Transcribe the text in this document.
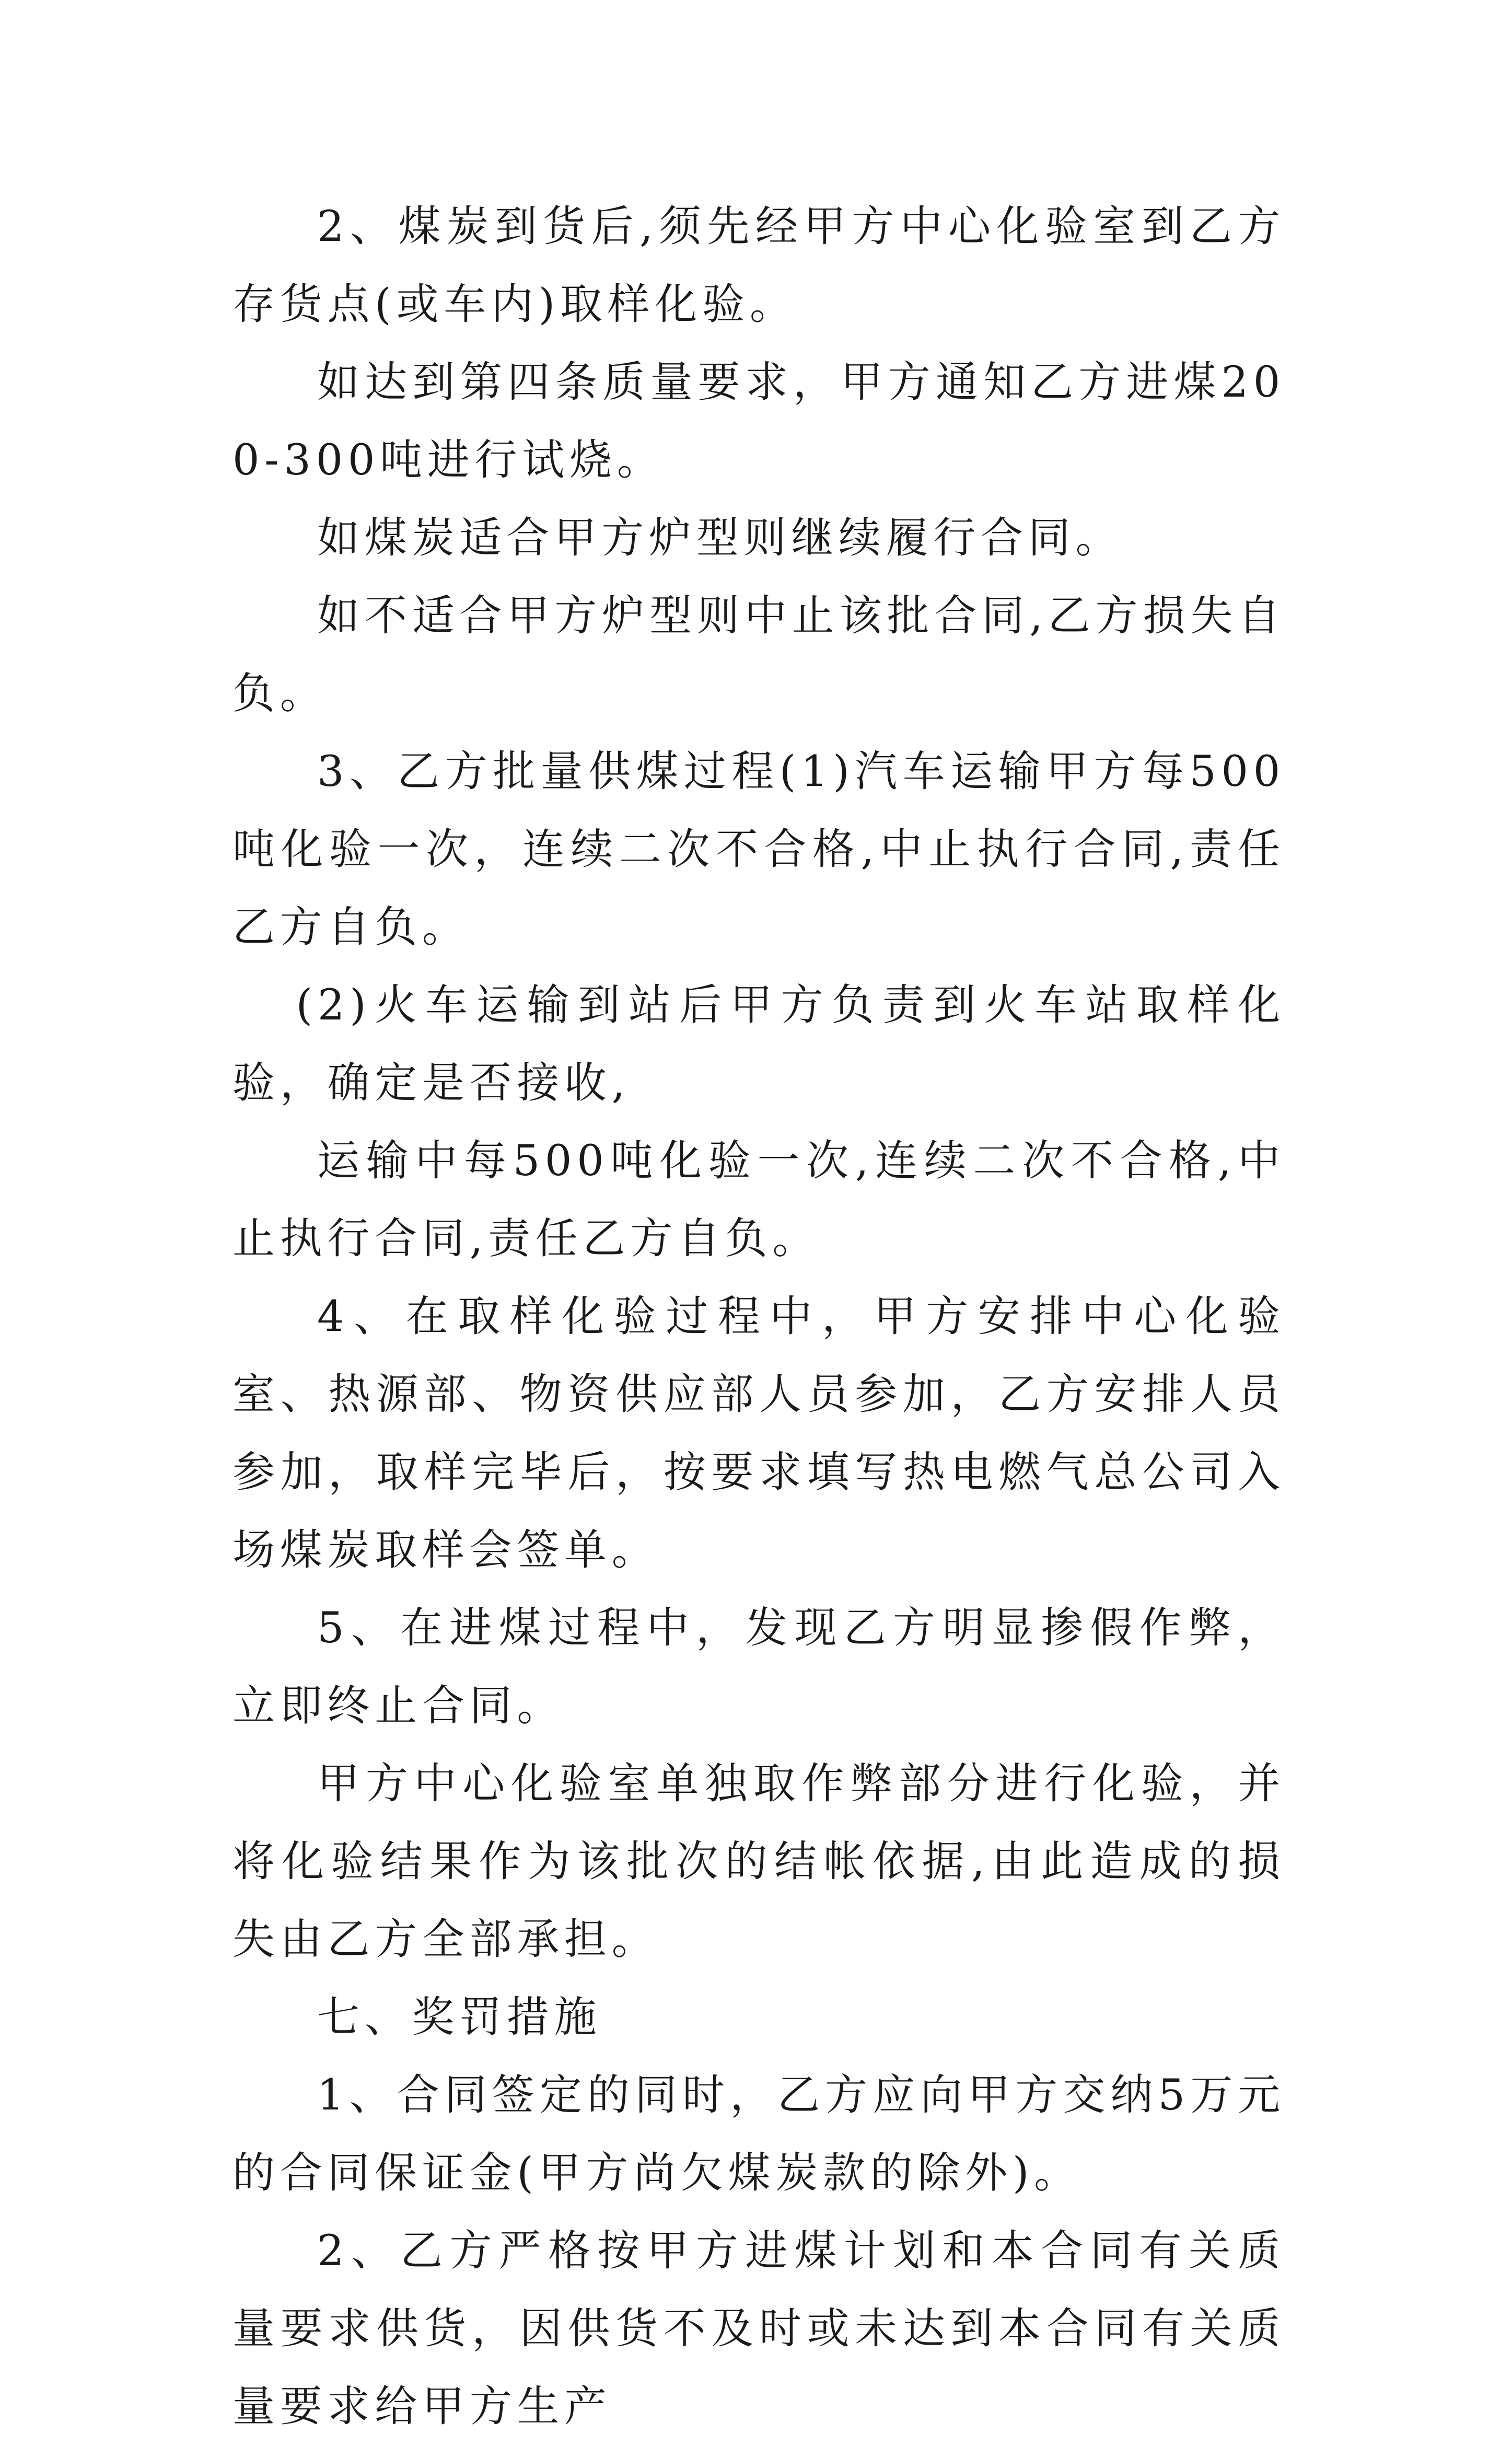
2、煤炭到货后,须先经甲方中心化验室到乙方存货点(或车内)取样化验。

如达到第四条质量要求，甲方通知乙方进煤200-300吨进行试烧。

如煤炭适合甲方炉型则继续履行合同。

如不适合甲方炉型则中止该批合同,乙方损失自负。

3、乙方批量供煤过程(1)汽车运输甲方每500吨化验一次，连续二次不合格,中止执行合同,责任乙方自负。

(2)火车运输到站后甲方负责到火车站取样化验，确定是否接收,

运输中每500吨化验一次,连续二次不合格,中止执行合同,责任乙方自负。

4、在取样化验过程中，甲方安排中心化验室、热源部、物资供应部人员参加，乙方安排人员参加，取样完毕后，按要求填写热电燃气总公司入场煤炭取样会签单。

5、在进煤过程中，发现乙方明显掺假作弊，立即终止合同。

甲方中心化验室单独取作弊部分进行化验，并将化验结果作为该批次的结帐依据,由此造成的损失由乙方全部承担。

七、奖罚措施

1、合同签定的同时，乙方应向甲方交纳5万元的合同保证金(甲方尚欠煤炭款的除外)。

2、乙方严格按甲方进煤计划和本合同有关质量要求供货，因供货不及时或未达到本合同有关质量要求给甲方生产
